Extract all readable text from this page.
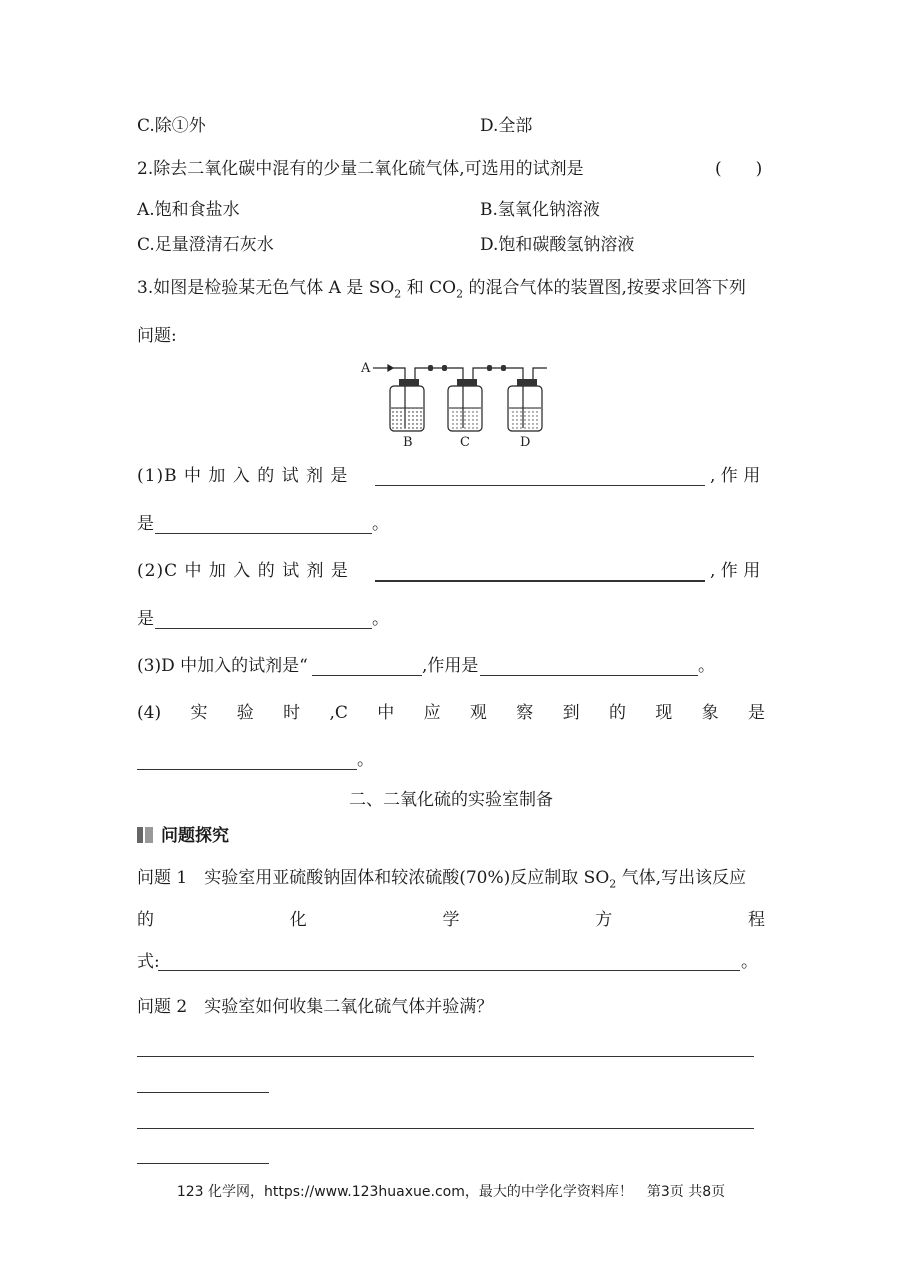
C.除①外	D.全部
2.除去二氧化碳中混有的少量二氧化硫气体,可选用的试剂是	(　　)
A.饱和食盐水	B.氢氧化钠溶液
C.足量澄清石灰水	D.饱和碳酸氢钠溶液
3.如图是检验某无色气体 A 是 $SO_2$ 和 $CO_2$ 的混合气体的装置图,按要求回答下列
问题:
A
B	C	D
(1)B 中 加 入 的 试 剂 是	, 作 用
是	。
(2)C 中 加 入 的 试 剂 是	, 作 用
是	。
(3)D 中加入的试剂是“	,作用是	。
(4) 实 验 时 ,C 中 应 观 察 到 的 现 象 是
。
二、二氧化硫的实验室制备
问题探究
问题 1　实验室用亚硫酸钠固体和较浓硫酸(70%)反应制取 $SO_2$ 气体,写出该反应
的	化	学	方	程
式:	。
问题 2　实验室如何收集二氧化硫气体并验满？
123 化学网，https://www.123huaxue.com，最大的中学化学资料库！　第3页 共8页
